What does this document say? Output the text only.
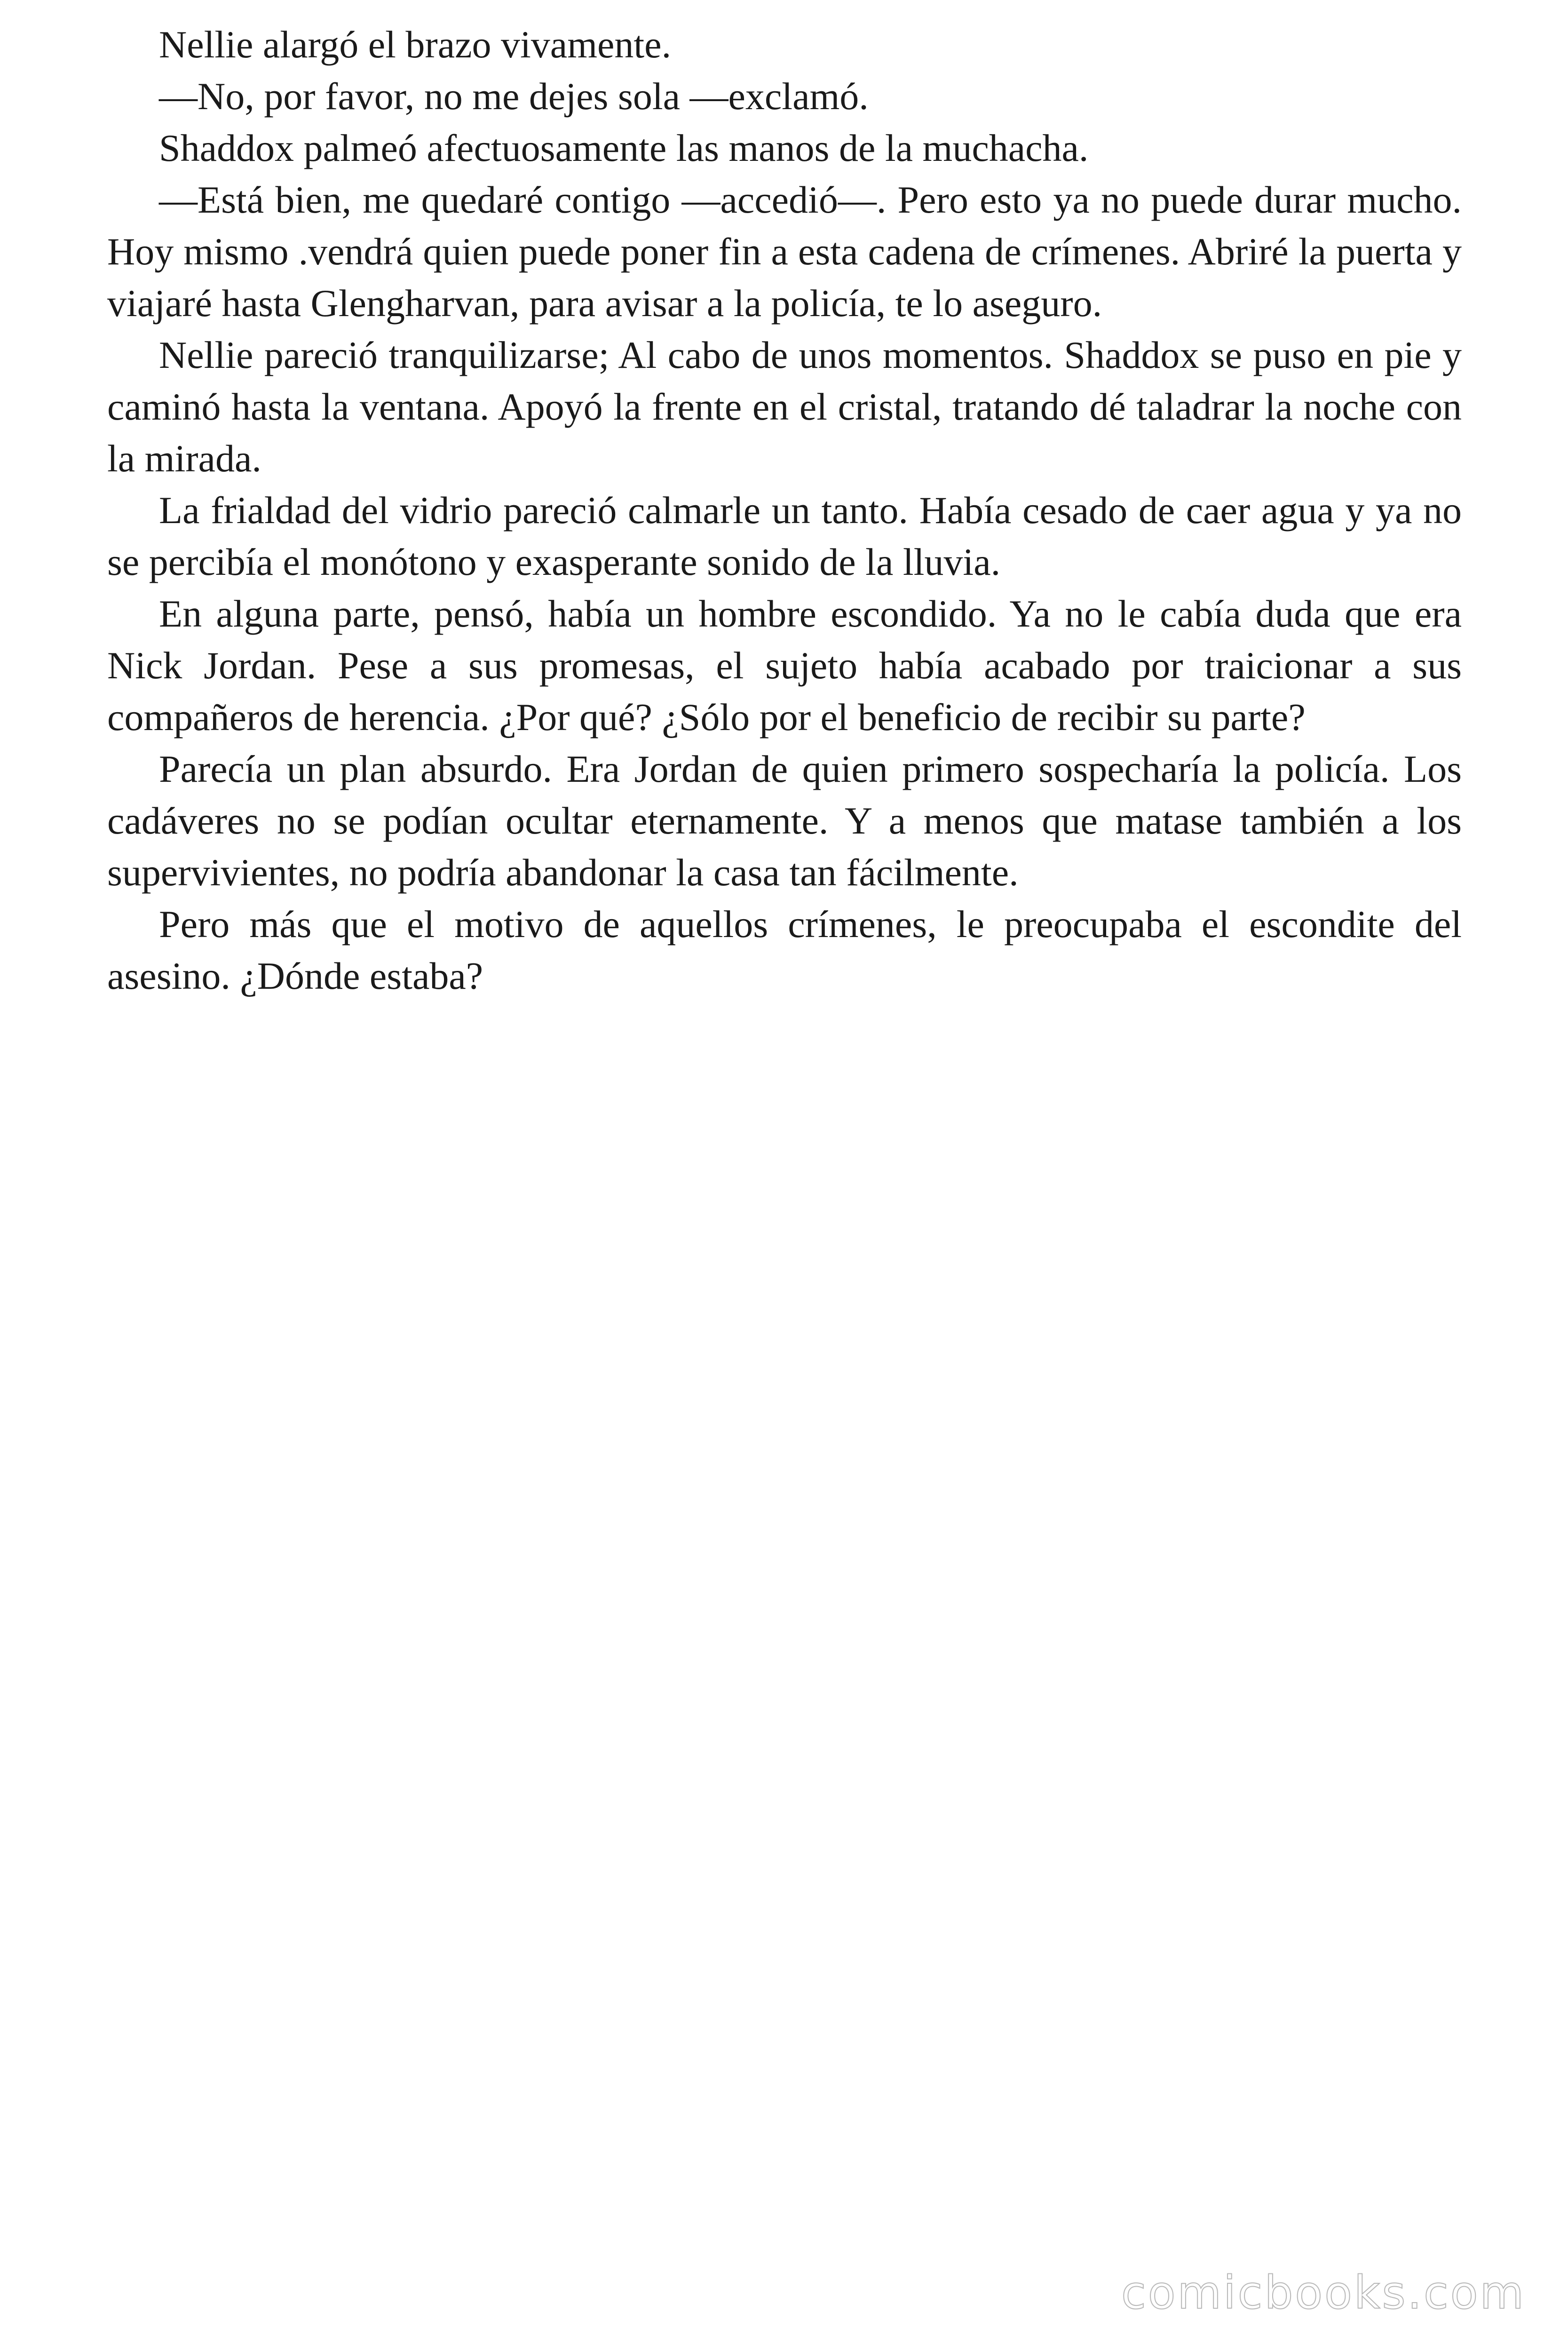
Nellie alargó el brazo vivamente.

—No, por favor, no me dejes sola —exclamó.

Shaddox palmeó afectuosamente las manos de la muchacha.

—Está bien, me quedaré contigo —accedió—. Pero esto ya no puede durar mucho. Hoy mismo .vendrá quien puede poner fin a esta cadena de crímenes. Abriré la puerta y viajaré hasta Glengharvan, para avisar a la policía, te lo aseguro.

Nellie pareció tranquilizarse; Al cabo de unos momentos. Shaddox se puso en pie y caminó hasta la ventana. Apoyó la frente en el cristal, tratando dé taladrar la noche con la mirada.

La frialdad del vidrio pareció calmarle un tanto. Había cesado de caer agua y ya no se percibía el monótono y exasperante sonido de la lluvia.

En alguna parte, pensó, había un hombre escondido. Ya no le cabía duda que era Nick Jordan. Pese a sus promesas, el sujeto había acabado por traicionar a sus compañeros de herencia. ¿Por qué? ¿Sólo por el beneficio de recibir su parte?

Parecía un plan absurdo. Era Jordan de quien primero sospecharía la policía. Los cadáveres no se podían ocultar eternamente. Y a menos que matase también a los supervivientes, no podría abandonar la casa tan fácilmente.

Pero más que el motivo de aquellos crímenes, le preocupaba el escondite del asesino. ¿Dónde estaba?

comicbooks.com
